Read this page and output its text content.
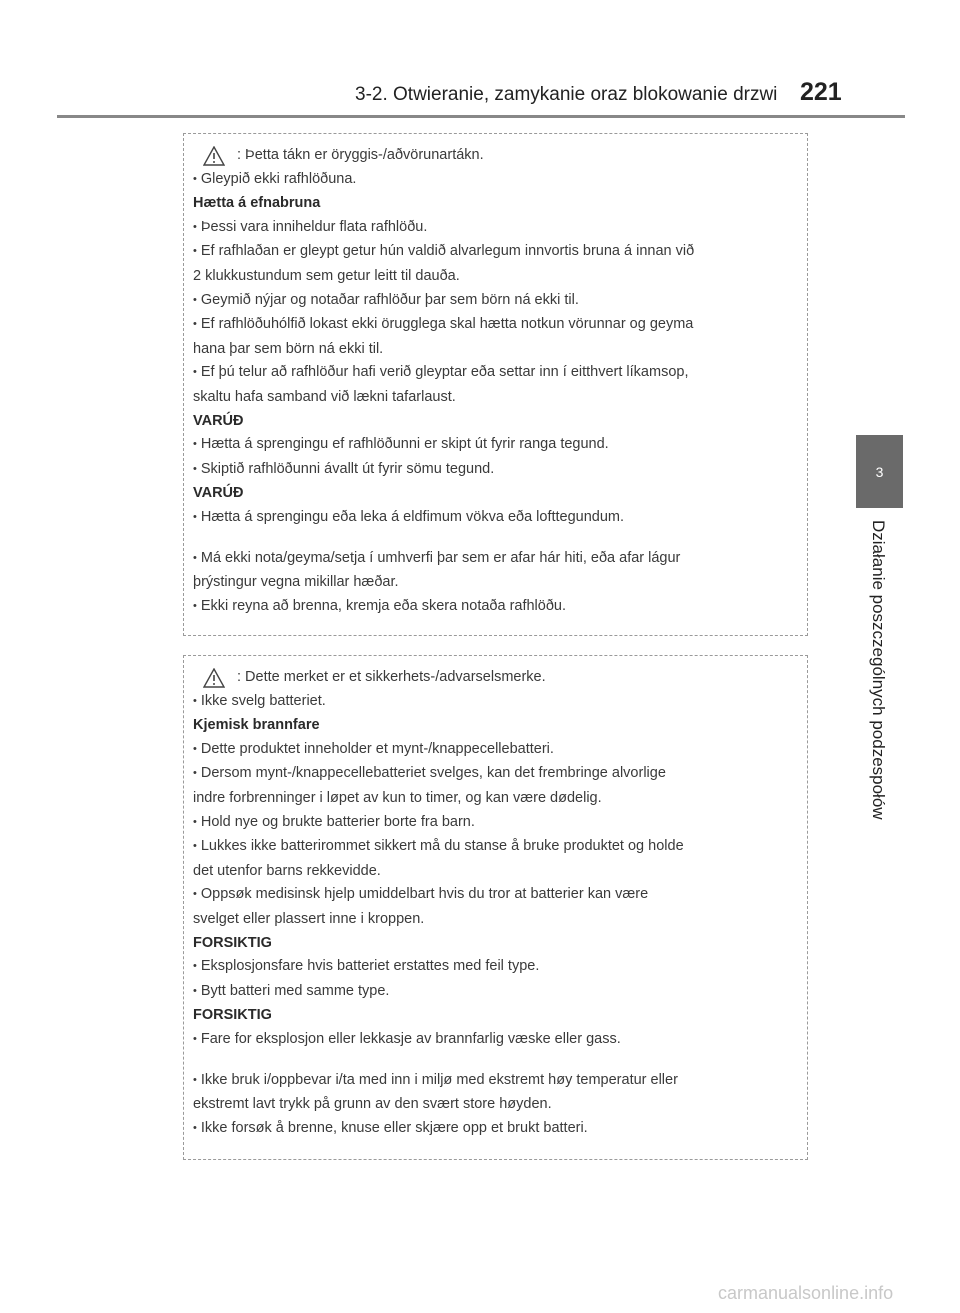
3-2. Otwieranie, zamykanie oraz blokowanie drzwi 221
3
Działanie poszczególnych podzespołów
: Þetta tákn er öryggis-/aðvörunartákn.
• Gleypið ekki rafhlöðuna.
Hætta á efnabruna
• Þessi vara inniheldur flata rafhlöðu.
• Ef rafhlaðan er gleypt getur hún valdið alvarlegum innvortis bruna á innan við
2 klukkustundum sem getur leitt til dauða.
• Geymið nýjar og notaðar rafhlöður þar sem börn ná ekki til.
• Ef rafhlöðuhólfið lokast ekki örugglega skal hætta notkun vörunnar og geyma
hana þar sem börn ná ekki til.
• Ef þú telur að rafhlöður hafi verið gleyptar eða settar inn í eitthvert líkamsop,
skaltu hafa samband við lækni tafarlaust.
VARÚÐ
• Hætta á sprengingu ef rafhlöðunni er skipt út fyrir ranga tegund.
• Skiptið rafhlöðunni ávallt út fyrir sömu tegund.
VARÚÐ
• Hætta á sprengingu eða leka á eldfimum vökva eða lofttegundum.
• Má ekki nota/geyma/setja í umhverfi þar sem er afar hár hiti, eða afar lágur
þrýstingur vegna mikillar hæðar.
• Ekki reyna að brenna, kremja eða skera notaða rafhlöðu.
: Dette merket er et sikkerhets-/advarselsmerke.
• Ikke svelg batteriet.
Kjemisk brannfare
• Dette produktet inneholder et mynt-/knappecellebatteri.
• Dersom mynt-/knappecellebatteriet svelges, kan det frembringe alvorlige
indre forbrenninger i løpet av kun to timer, og kan være dødelig.
• Hold nye og brukte batterier borte fra barn.
• Lukkes ikke batterirommet sikkert må du stanse å bruke produktet og holde
det utenfor barns rekkevidde.
• Oppsøk medisinsk hjelp umiddelbart hvis du tror at batterier kan være
svelget eller plassert inne i kroppen.
FORSIKTIG
• Eksplosjonsfare hvis batteriet erstattes med feil type.
• Bytt batteri med samme type.
FORSIKTIG
• Fare for eksplosjon eller lekkasje av brannfarlig væske eller gass.
• Ikke bruk i/oppbevar i/ta med inn i miljø med ekstremt høy temperatur eller
ekstremt lavt trykk på grunn av den svært store høyden.
• Ikke forsøk å brenne, knuse eller skjære opp et brukt batteri.
carmanualsonline.info
